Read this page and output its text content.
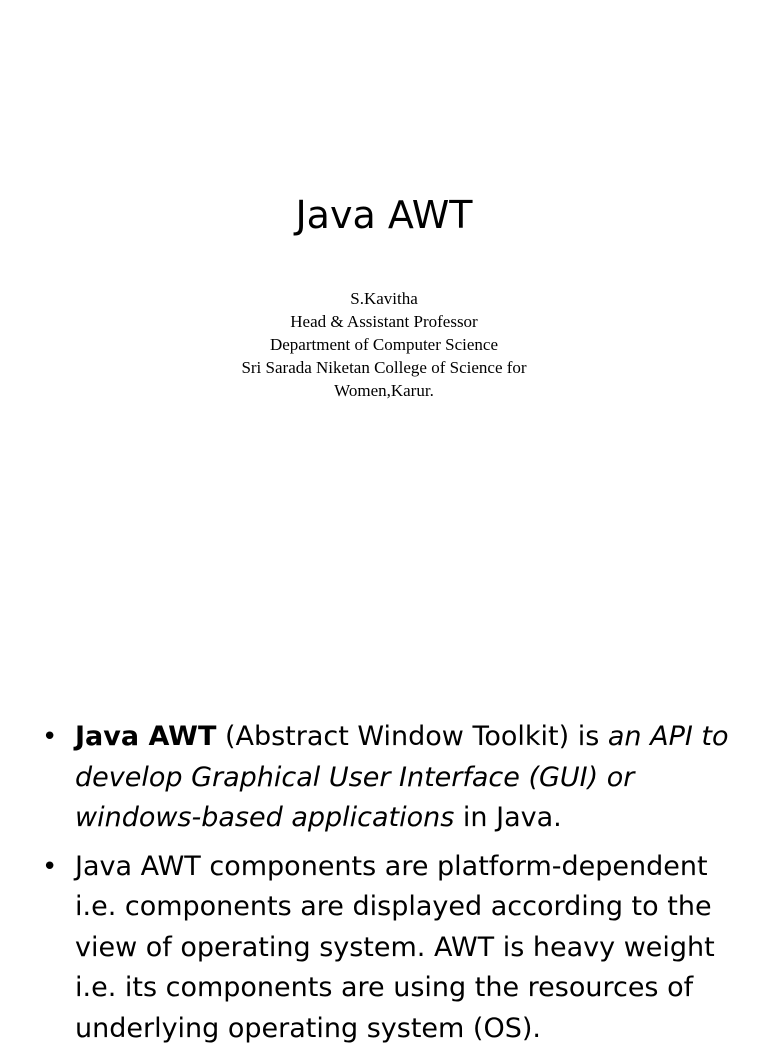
Java AWT
S.Kavitha
Head & Assistant Professor
Department of Computer Science
Sri Sarada Niketan College of Science for
Women,Karur.
• Java AWT (Abstract Window Toolkit) is an API to develop Graphical User Interface (GUI) or windows-based applications in Java.
• Java AWT components are platform-dependent i.e. components are displayed according to the view of operating system. AWT is heavy weight i.e. its components are using the resources of underlying operating system (OS).
